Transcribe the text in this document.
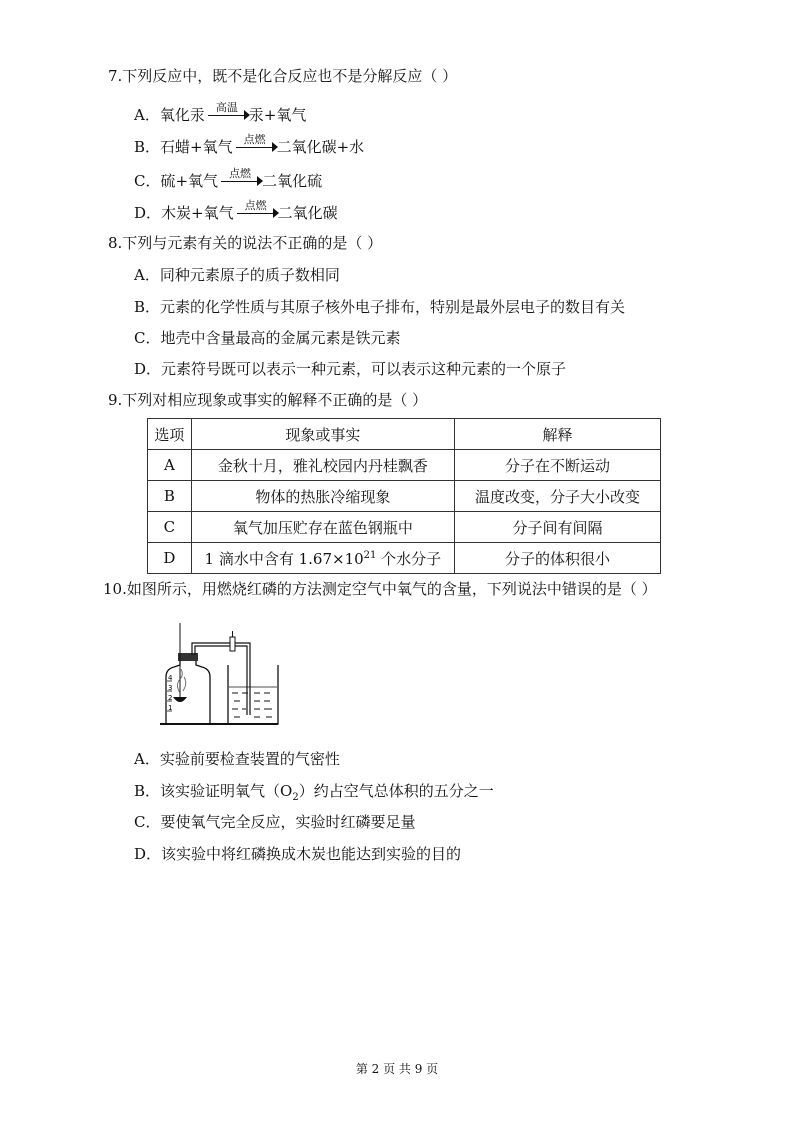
7.下列反应中，既不是化合反应也不是分解反应（ ）
A．氧化汞	高温 汞+氧气
B．石蜡+氧气	点燃 二氧化碳+水
C．硫+氧气	点燃 二氧化硫
D．木炭+氧气	点燃 二氧化碳
8.下列与元素有关的说法不正确的是（ ）
A．同种元素原子的质子数相同
B．元素的化学性质与其原子核外电子排布，特别是最外层电子的数目有关
C．地壳中含量最高的金属元素是铁元素
D．元素符号既可以表示一种元素，可以表示这种元素的一个原子
9.下列对相应现象或事实的解释不正确的是（ ）
选项	现象或事实	解释
A	金秋十月，雅礼校园内丹桂飘香	分子在不断运动
B	物体的热胀冷缩现象	温度改变，分子大小改变
C	氧气加压贮存在蓝色钢瓶中	分子间有间隔
D	1 滴水中含有 $1.67\times 10^{21}$ 个水分子	分子的体积很小
10.如图所示，用燃烧红磷的方法测定空气中氧气的含量，下列说法中错误的是（ ）
4
3
2
1
A．实验前要检查装置的气密性
B．该实验证明氧气$(O_2)$约占空气总体积的五分之一
C．要使氧气完全反应，实验时红磷要足量
D．该实验中将红磷换成木炭也能达到实验的目的
第 2 页 共 9 页
